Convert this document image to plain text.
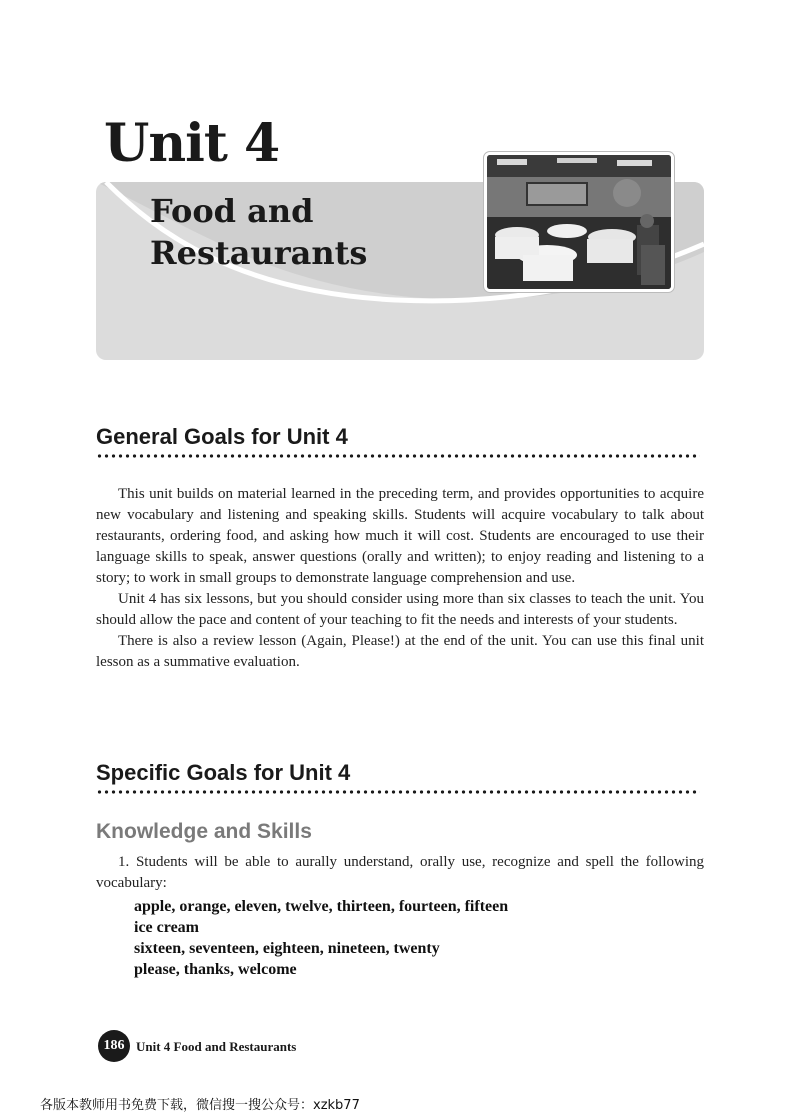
Unit 4
Food and
Restaurants
General Goals for Unit 4

This unit builds on material learned in the preceding term, and provides opportunities to acquire new vocabulary and listening and speaking skills. Students will acquire vocabulary to talk about restaurants, ordering food, and asking how much it will cost. Students are encouraged to use their language skills to speak, answer questions (orally and written); to enjoy reading and listening to a story; to work in small groups to demonstrate language comprehension and use.

Unit 4 has six lessons, but you should consider using more than six classes to teach the unit. You should allow the pace and content of your teaching to fit the needs and interests of your students.

There is also a review lesson (Again, Please!) at the end of the unit. You can use this final unit lesson as a summative evaluation.

Specific Goals for Unit 4
Knowledge and Skills

1. Students will be able to aurally understand, orally use, recognize and spell the following vocabulary:

apple, orange, eleven, twelve, thirteen, fourteen, fifteen
ice cream
sixteen, seventeen, eighteen, nineteen, twenty
please, thanks, welcome
186 Unit 4 Food and Restaurants
各版本教师用书免费下载，微信搜一搜公众号：xzkb77
